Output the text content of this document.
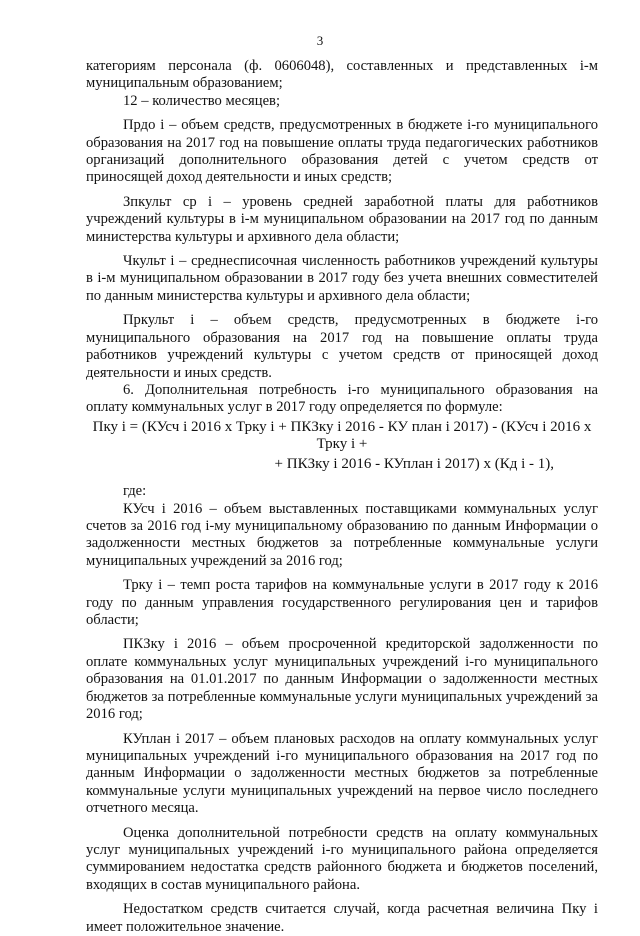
3

категориям персонала (ф. 0606048), составленных и представленных i-м муниципальным образованием;

12 – количество месяцев;

Прдо i – объем средств, предусмотренных в бюджете i-го муниципального образования на 2017 год на повышение оплаты труда педагогических работников организаций дополнительного образования детей с учетом средств от приносящей доход деятельности и иных средств;

Зпкульт ср i – уровень средней заработной платы для работников учреждений культуры в i-м муниципальном образовании на 2017 год по данным министерства культуры и архивного дела области;

Чкульт i – среднесписочная численность работников учреждений культуры в i-м муниципальном образовании в 2017 году без учета внешних совместителей по данным министерства культуры и архивного дела области;

Пркульт i – объем средств, предусмотренных в бюджете i-го муниципального образования на 2017 год на повышение оплаты труда работников учреждений культуры с учетом средств от приносящей доход деятельности и иных средств.

6. Дополнительная потребность i-го муниципального образования на оплату коммунальных услуг в 2017 году определяется по формуле:

Пку i = (КУсч i 2016 х Трку i + ПКЗку i 2016 - КУ план i 2017) - (КУсч i 2016 х Трку i +

+ ПКЗку i 2016 - КУплан i 2017) х (Кд i - 1),

где:

КУсч i 2016 – объем выставленных поставщиками коммунальных услуг счетов за 2016 год i-му муниципальному образованию по данным Информации о задолженности местных бюджетов за потребленные коммунальные услуги муниципальных учреждений за 2016 год;

Трку i – темп роста тарифов на коммунальные услуги в 2017 году к 2016 году по данным управления государственного регулирования цен и тарифов области;

ПКЗку i 2016 – объем просроченной кредиторской задолженности по оплате коммунальных услуг муниципальных учреждений i-го муниципального образования на 01.01.2017 по данным Информации о задолженности местных бюджетов за потребленные коммунальные услуги муниципальных учреждений за 2016 год;

КУплан i 2017 – объем плановых расходов на оплату коммунальных услуг муниципальных учреждений i-го муниципального образования на 2017 год по данным Информации о задолженности местных бюджетов за потребленные коммунальные услуги муниципальных учреждений на первое число последнего отчетного месяца.

Оценка дополнительной потребности средств на оплату коммунальных услуг муниципальных учреждений i-го муниципального района определяется суммированием недостатка средств районного бюджета и бюджетов поселений, входящих в состав муниципального района.

Недостатком средств считается случай, когда расчетная величина Пку i имеет положительное значение.
